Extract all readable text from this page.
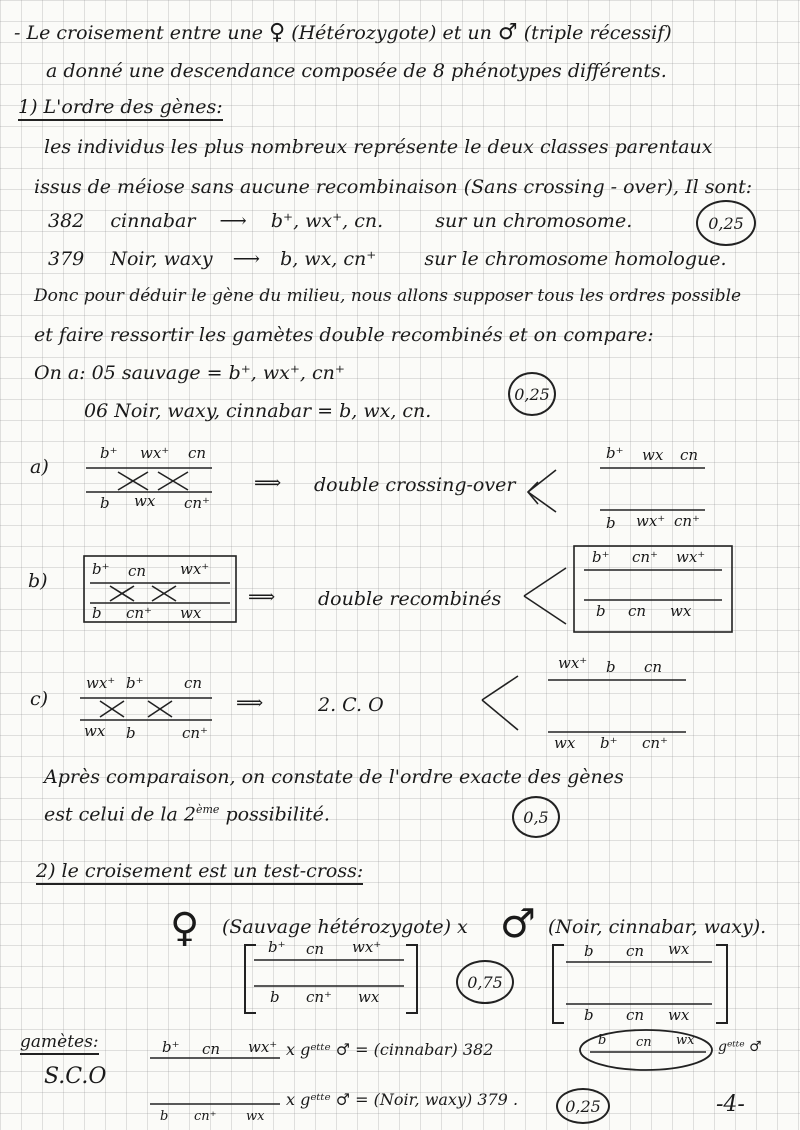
- Le croisement entre une ♀ (Hétérozygote) et un ♂ (triple récessif)
a donné une descendance composée de 8 phénotypes différents.
1) L'ordre des gènes:
les individus les plus nombreux représente le deux classes parentaux
issus de méiose sans aucune recombinaison (Sans crossing - over), Il sont:
382 cinnabar ⟶ b⁺, wx⁺, cn.	sur un chromosome.	0,25
379 Noir, waxy ⟶ b, wx, cn⁺	sur le chromosome homologue.
Donc pour déduir le gène du milieu, nous allons supposer tous les ordres possible
et faire ressortir les gamètes double recombinés et on compare:
On a: 05 sauvage = b⁺, wx⁺, cn⁺
0,25
06 Noir, waxy, cinnabar = b, wx, cn.
a)
b⁺ wx⁺ cn
b wx cn⁺
⟹ double crossing-over
b⁺ wx cn
b wx⁺ cn⁺
b)
b⁺ cn wx⁺
b cn⁺ wx
⟹ double recombinés
b⁺ cn⁺ wx⁺
b cn wx
c)
wx⁺ b⁺	cn
wx b	cn⁺
⟹	2. C. O
wx⁺ b cn
wx b⁺ cn⁺
Après comparaison, on constate de l'ordre exacte des gènes
est celui de la 2ème possibilité.	0,5
2) le croisement est un test-cross:
♀ (Sauvage hétérozygote) x ♂ (Noir, cinnabar, waxy).
b⁺ cn wx⁺
b cn⁺ wx
0,75
b cn wx
b cn wx
gamètes:
S.C.O
b⁺ cn wx⁺ x gᵉᵗᵗᵉ ♂ = (cinnabar) 382
b cn⁺ wx
x gᵉᵗᵗᵉ ♂ = (Noir, waxy) 379 .
b cn wx gᵉᵗᵗᵉ ♂
0,25	-4-
